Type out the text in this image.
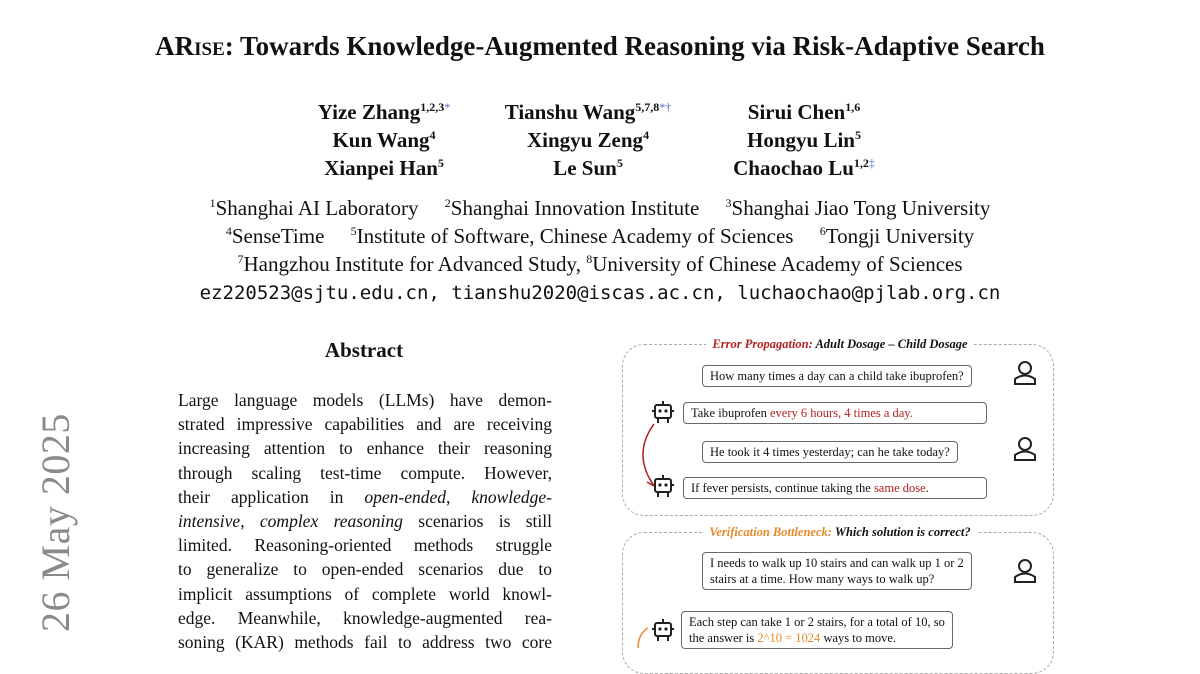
26 May 2025
ARise: Towards Knowledge-Augmented Reasoning via Risk-Adaptive Search
Yize Zhang$^{1,2,3*}$	Tianshu Wang$^{5,7,8*\dagger}$	Sirui Chen$^{1,6}$
Kun Wang$^4$	Xingyu Zeng$^4$	Hongyu Lin$^5$
Xianpei Han$^5$	Le Sun$^5$	Chaochao $Lu^{1,2\ddagger}$
$^1$Shanghai AI Laboratory $^2$Shanghai Innovation Institute $^3$Shanghai Jiao Tong University
$^4$SenseTime $^5$Institute of Software, Chinese Academy of Sciences $^6$Tongji University
$^7$Hangzhou Institute for Advanced Study, $^8$University of Chinese Academy of Sciences
ez220523@sjtu.edu.cn, tianshu2020@iscas.ac.cn, luchaochao@pjlab.org.cn
Abstract

Large language models (LLMs) have demon-

strated impressive capabilities and are receiving

increasing attention to enhance their reasoning

through scaling test-time compute. However,

their application in open-ended, knowledge-

intensive, complex reasoning scenarios is still

limited. Reasoning-oriented methods struggle

to generalize to open-ended scenarios due to

implicit assumptions of complete world knowl-

edge. Meanwhile, knowledge-augmented rea-

soning (KAR) methods fail to address two core

Error Propagation: Adult Dosage – Child Dosage
How many times a day can a child take ibuprofen?
Take ibuprofen every 6 hours, 4 times a day.
He took it 4 times yesterday; can he take today?
If fever persists, continue taking the same dose.
Verification Bottleneck: Which solution is correct?
I needs to walk up 10 stairs and can walk up 1 or 2
stairs at a time. How many ways to walk up?
Each step can take 1 or 2 stairs, for a total of 10, so
the answer is 2^10 = 1024 ways to move.
